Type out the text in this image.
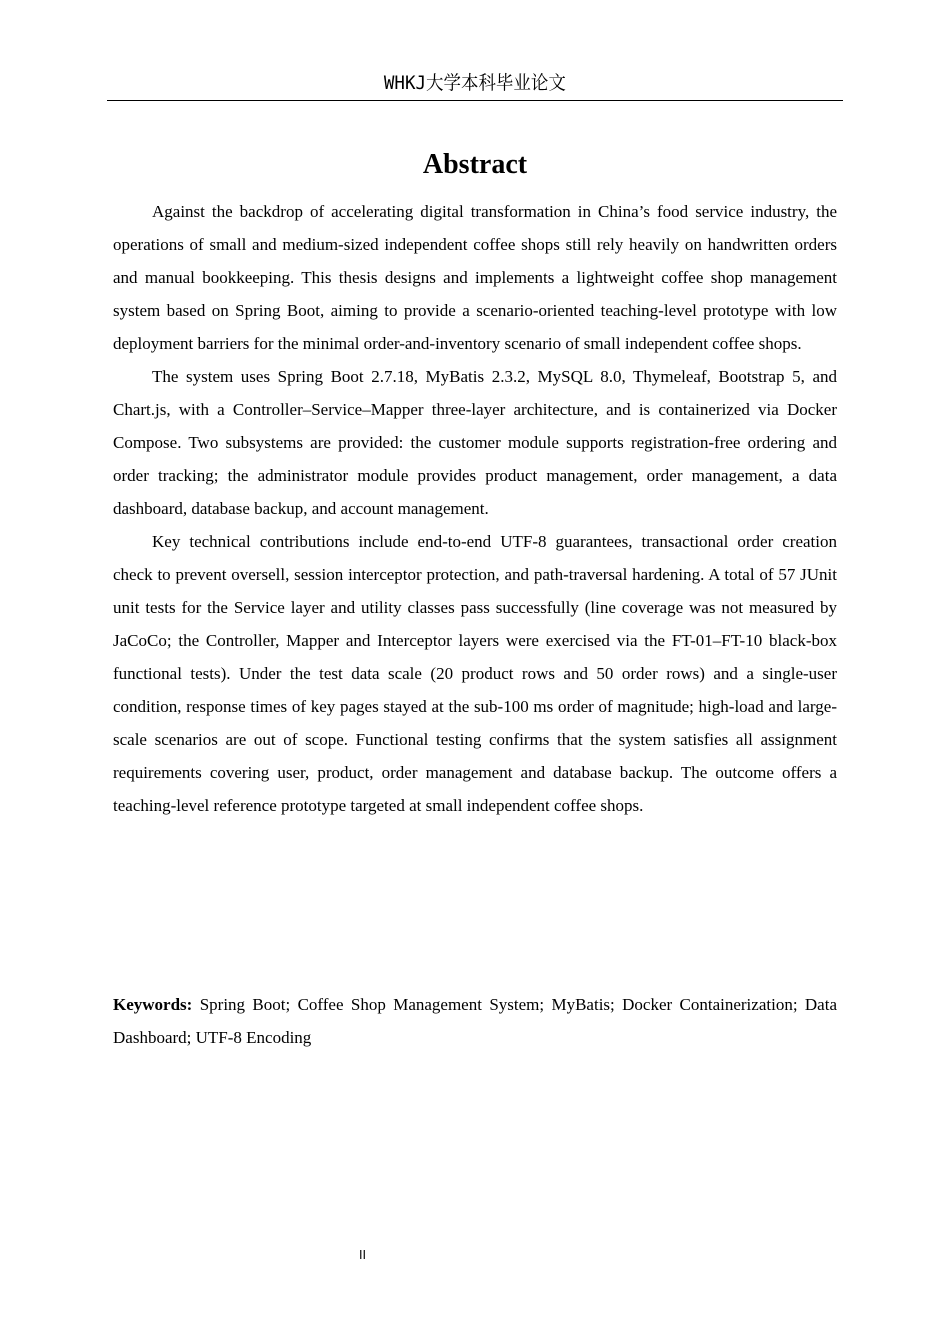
WHKJ大学本科毕业论文
Abstract

Against the backdrop of accelerating digital transformation in China’s food service industry, the operations of small and medium-sized independent coffee shops still rely heavily on handwritten orders and manual bookkeeping. This thesis designs and implements a lightweight coffee shop management system based on Spring Boot, aiming to provide a scenario-oriented teaching-level prototype with low deployment barriers for the minimal order-and-inventory scenario of small independent coffee shops.

The system uses Spring Boot 2.7.18, MyBatis 2.3.2, MySQL 8.0, Thymeleaf, Bootstrap 5, and Chart.js, with a Controller–Service–Mapper three-layer architecture, and is containerized via Docker Compose. Two subsystems are provided: the customer module supports registration-free ordering and order tracking; the administrator module provides product management, order management, a data dashboard, database backup, and account management.

Key technical contributions include end-to-end UTF-8 guarantees, transactional order creation check to prevent oversell, session interceptor protection, and path-traversal hardening. A total of 57 JUnit unit tests for the Service layer and utility classes pass successfully (line coverage was not measured by JaCoCo; the Controller, Mapper and Interceptor layers were exercised via the FT-01–FT-10 black-box functional tests). Under the test data scale (20 product rows and 50 order rows) and a single-user condition, response times of key pages stayed at the sub-100 ms order of magnitude; high-load and large-scale scenarios are out of scope. Functional testing confirms that the system satisfies all assignment requirements covering user, product, order management and database backup. The outcome offers a teaching-level reference prototype targeted at small independent coffee shops.

Keywords: Spring Boot; Coffee Shop Management System; MyBatis; Docker Containerization; Data Dashboard; UTF-8 Encoding

II
